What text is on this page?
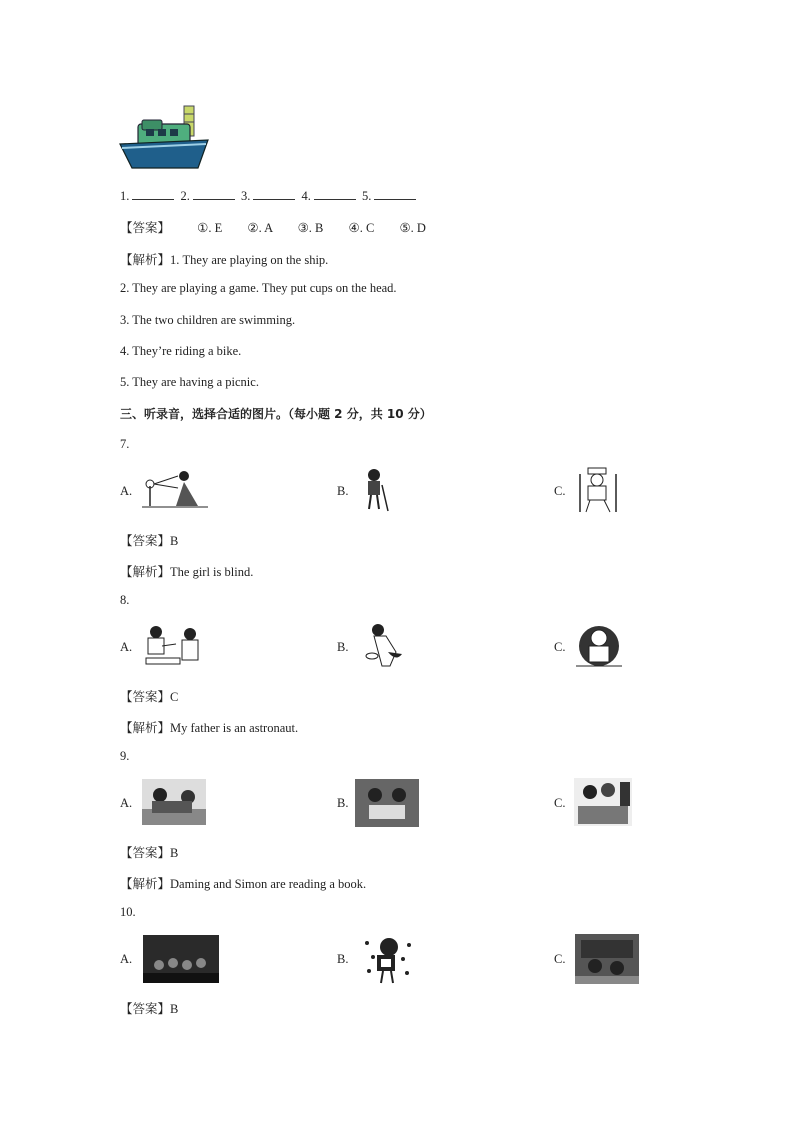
1.	2.	3.	4.	5.
【答案】 ①. E ②. A ③. B ④. C ⑤. D
【解析】1. They are playing on the ship.
2. They are playing a game. They put cups on the head.
3. The two children are swimming.
4. They’re riding a bike.
5. They are having a picnic.
三、听录音，选择合适的图片。（每小题 2 分，共 10 分）
7.
A.	B.	C.
【答案】B
【解析】The girl is blind.
8.
A.	B.	C.
【答案】C
【解析】My father is an astronaut.
9.
A.	B.	C.
【答案】B
【解析】Daming and Simon are reading a book.
10.
A.	B.	C.
【答案】B
